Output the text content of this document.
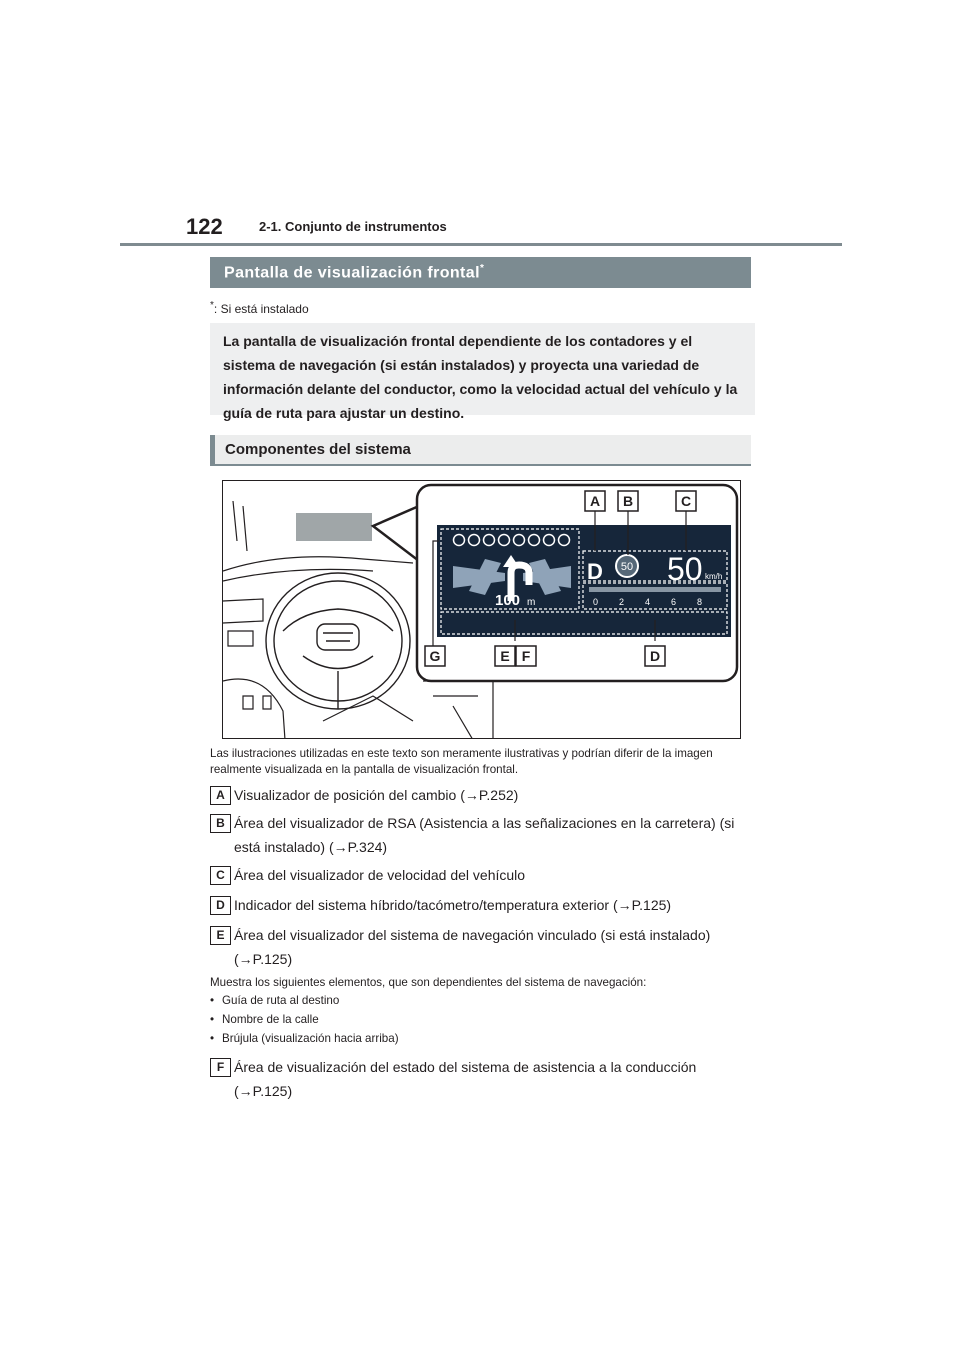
122	2-1. Conjunto de instrumentos
Pantalla de visualización frontal*
*: Si está instalado

La pantalla de visualización frontal dependiente de los contadores y el sistema de navegación (si están instalados) y proyecta una variedad de información delante del conductor, como la velocidad actual del vehículo y la guía de ruta para ajustar un destino.

Componentes del sistema
100 m
D 50 50 km/h
0 2 4 6 8
A B	C
D
E F
G
Las ilustraciones utilizadas en este texto son meramente ilustrativas y podrían diferir de la imagen realmente visualizada en la pantalla de visualización frontal.
A Visualizador de posición del cambio (→P.252)
B Área del visualizador de RSA (Asistencia a las señalizaciones en la carretera) (si está instalado) (→P.324)
C Área del visualizador de velocidad del vehículo
D Indicador del sistema híbrido/tacómetro/temperatura exterior (→P.125)
E Área del visualizador del sistema de navegación vinculado (si está instalado) (→P.125)
Muestra los siguientes elementos, que son dependientes del sistema de navegación:
• Guía de ruta al destino
• Nombre de la calle
• Brújula (visualización hacia arriba)
F Área de visualización del estado del sistema de asistencia a la conducción (→P.125)
